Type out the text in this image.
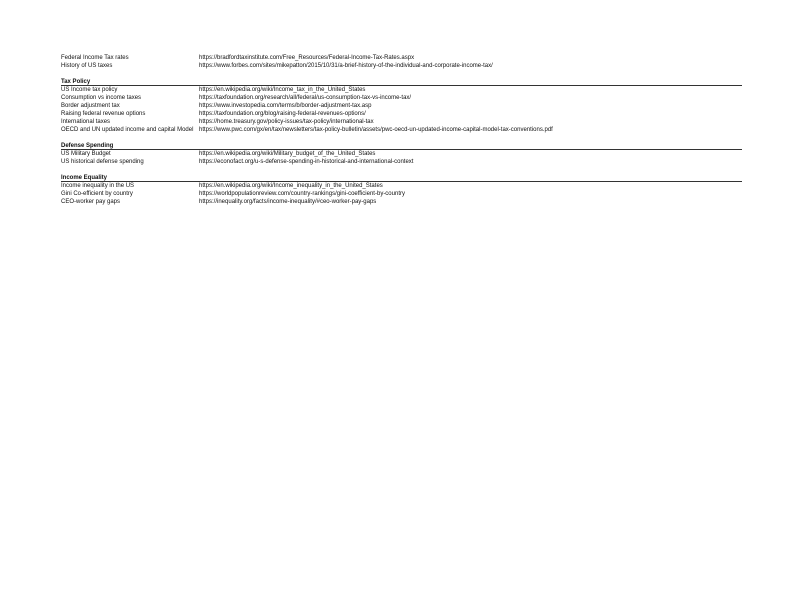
Federal Income Tax rates	https://bradfordtaxinstitute.com/Free_Resources/Federal-Income-Tax-Rates.aspx
History of US taxes	https://www.forbes.com/sites/mikepatton/2015/10/31/a-brief-history-of-the-individual-and-corporate-income-tax/
Tax Policy
US Income tax policy	https://en.wikipedia.org/wiki/Income_tax_in_the_United_States
Consumption vs income taxes	https://taxfoundation.org/research/all/federal/us-consumption-tax-vs-income-tax/
Border adjustment tax	https://www.investopedia.com/terms/b/border-adjustment-tax.asp
Raising federal revenue options	https://taxfoundation.org/blog/raising-federal-revenues-options/
International taxes	https://home.treasury.gov/policy-issues/tax-policy/international-tax
OECD and UN updated income and capital Model https://www.pwc.com/gx/en/tax/newsletters/tax-policy-bulletin/assets/pwc-oecd-un-updated-income-capital-model-tax-conventions.pdf
Defense Spending
US Military Budget	https://en.wikipedia.org/wiki/Military_budget_of_the_United_States
US historical defense spending	https://econofact.org/u-s-defense-spending-in-historical-and-international-context
Income Equality
Income inequality in the US	https://en.wikipedia.org/wiki/Income_inequality_in_the_United_States
Gini Co-efficient by country	https://worldpopulationreview.com/country-rankings/gini-coefficient-by-country
CEO-worker pay gaps	https://inequality.org/facts/income-inequality/#ceo-worker-pay-gaps
